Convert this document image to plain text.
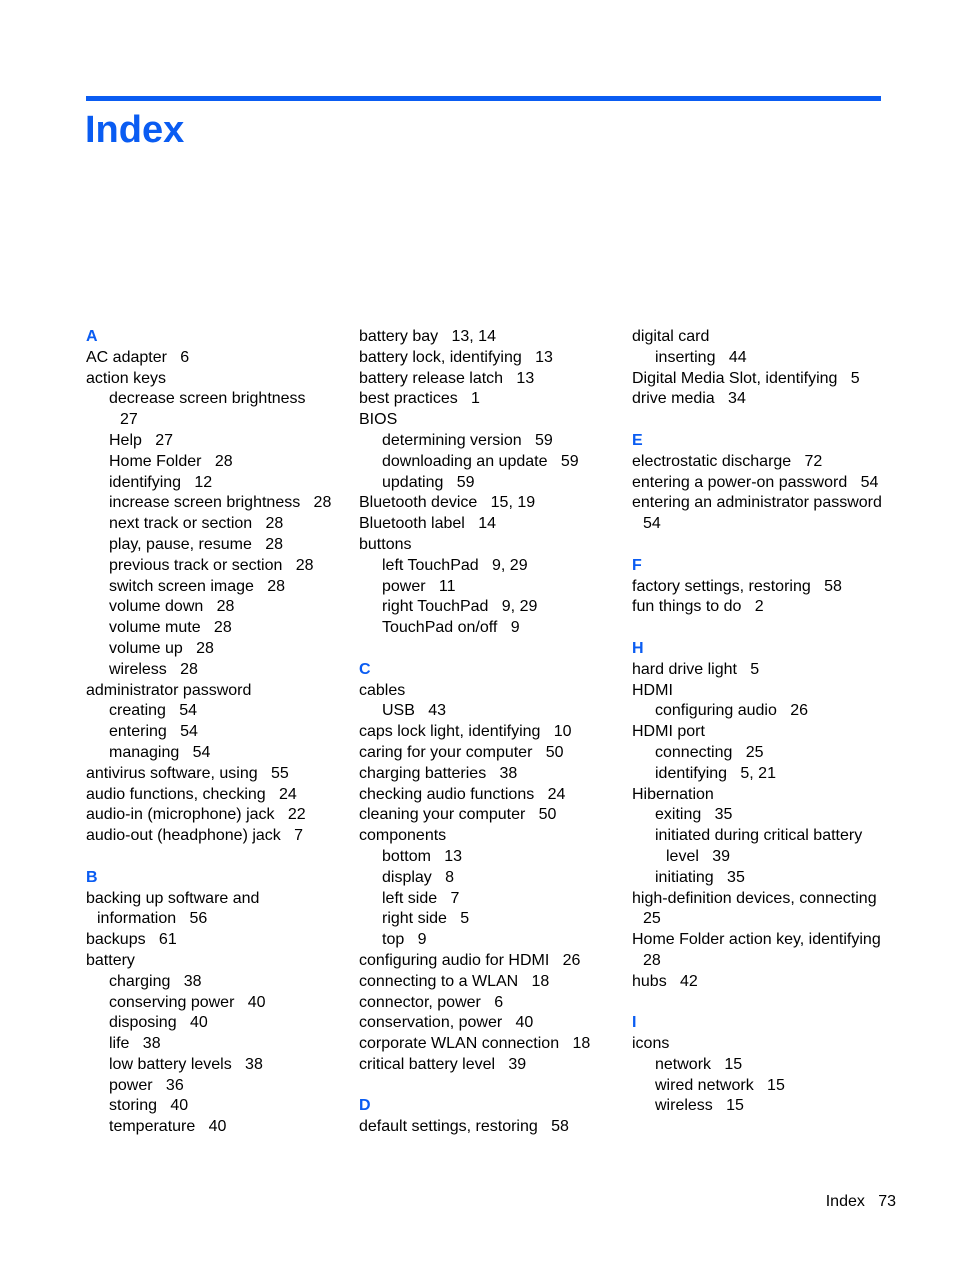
Index
A
AC adapter   6
action keys
decrease screen brightness    27
Help   27
Home Folder   28
identifying   12
increase screen brightness   28
next track or section   28
play, pause, resume   28
previous track or section   28
switch screen image   28
volume down   28
volume mute   28
volume up   28
wireless   28
administrator password
creating   54
entering   54
managing   54
antivirus software, using   55
audio functions, checking   24
audio-in (microphone) jack   22
audio-out (headphone) jack   7
B
backing up software and information   56
backups   61
battery
charging   38
conserving power   40
disposing   40
life   38
low battery levels   38
power   36
storing   40
temperature   40
battery bay   13, 14
battery lock, identifying   13
battery release latch   13
best practices   1
BIOS
determining version   59
downloading an update   59
updating   59
Bluetooth device   15, 19
Bluetooth label   14
buttons
left TouchPad   9, 29
power   11
right TouchPad   9, 29
TouchPad on/off   9
C
cables
USB   43
caps lock light, identifying   10
caring for your computer   50
charging batteries   38
checking audio functions   24
cleaning your computer   50
components
bottom   13
display   8
left side   7
right side   5
top   9
configuring audio for HDMI   26
connecting to a WLAN   18
connector, power   6
conservation, power   40
corporate WLAN connection   18
critical battery level   39
D
default settings, restoring   58
digital card
inserting   44
Digital Media Slot, identifying   5
drive media   34
E
electrostatic discharge   72
entering a power-on password   54
entering an administrator password   54
F
factory settings, restoring   58
fun things to do   2
H
hard drive light   5
HDMI
configuring audio   26
HDMI port
connecting   25
identifying   5, 21
Hibernation
exiting   35
initiated during critical battery level   39
initiating   35
high-definition devices, connecting   25
Home Folder action key, identifying   28
hubs   42
I
icons
network   15
wired network   15
wireless   15
Index 73
